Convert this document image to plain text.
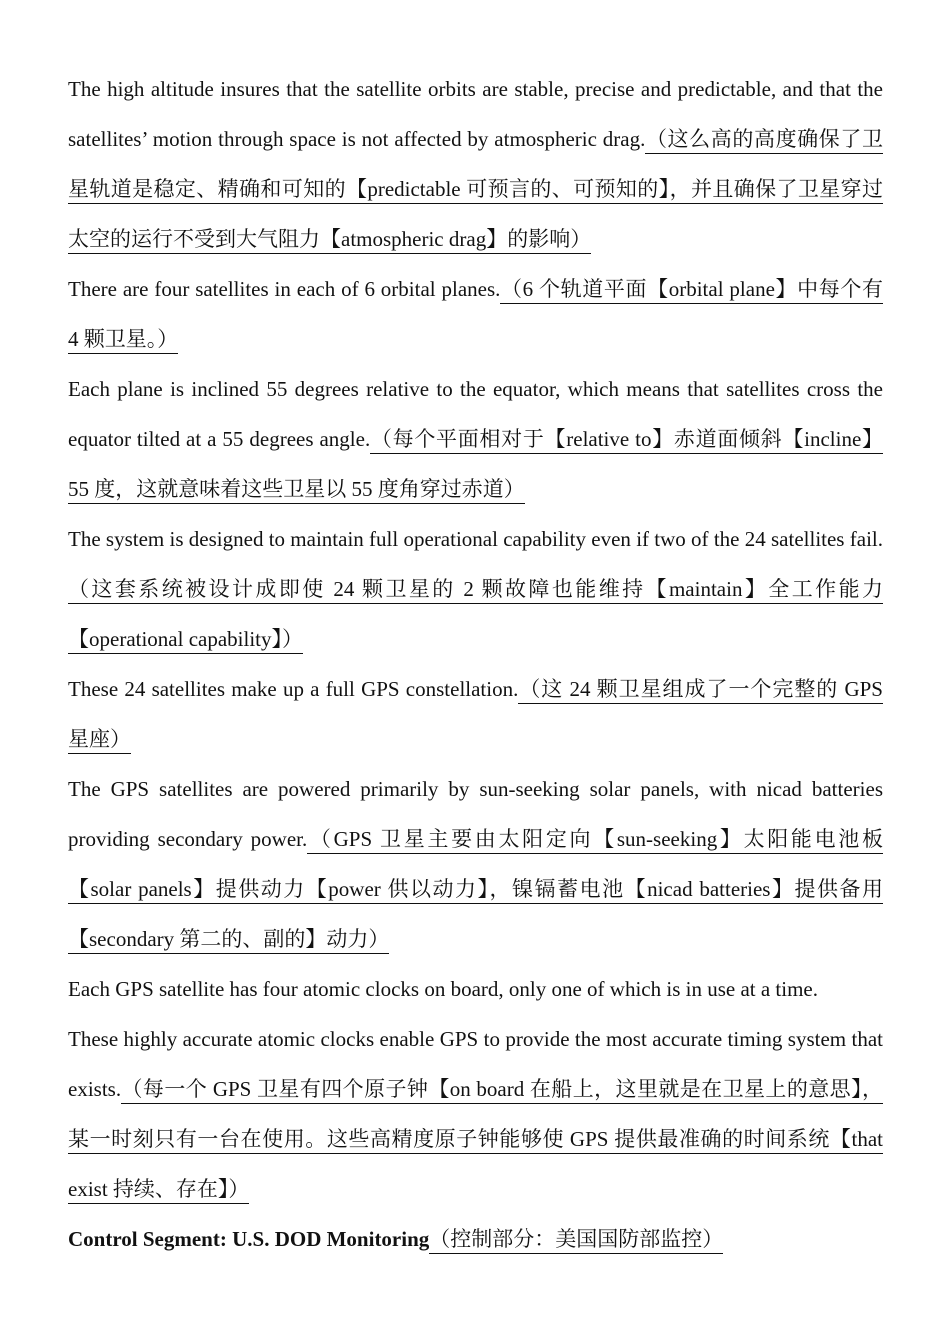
The high altitude insures that the satellite orbits are stable, precise and predictable, and that the satellites’ motion through space is not affected by atmospheric drag.（这么高的高度确保了卫星轨道是稳定、精确和可知的【predictable 可预言的、可预知的】，并且确保了卫星穿过太空的运行不受到大气阻力【atmospheric drag】的影响）

There are four satellites in each of 6 orbital planes.（6 个轨道平面【orbital plane】中每个有 4 颗卫星。）

Each plane is inclined 55 degrees relative to the equator, which means that satellites cross the equator tilted at a 55 degrees angle.（每个平面相对于【relative to】赤道面倾斜【incline】55 度，这就意味着这些卫星以 55 度角穿过赤道）

The system is designed to maintain full operational capability even if two of the 24 satellites fail.（这套系统被设计成即使 24 颗卫星的 2 颗故障也能维持【maintain】全工作能力【operational capability】）

These 24 satellites make up a full GPS constellation.（这 24 颗卫星组成了一个完整的 GPS 星座）

The GPS satellites are powered primarily by sun-seeking solar panels, with nicad batteries providing secondary power.（GPS 卫星主要由太阳定向【sun-seeking】太阳能电池板【solar panels】提供动力【power 供以动力】，镍镉蓄电池【nicad batteries】提供备用【secondary 第二的、副的】动力）

Each GPS satellite has four atomic clocks on board, only one of which is in use at a time.

These highly accurate atomic clocks enable GPS to provide the most accurate timing system that exists.（每一个 GPS 卫星有四个原子钟【on board 在船上，这里就是在卫星上的意思】，某一时刻只有一台在使用。这些高精度原子钟能够使 GPS 提供最准确的时间系统【that exist 持续、存在】）

Control Segment: U.S. DOD Monitoring（控制部分：美国国防部监控）
